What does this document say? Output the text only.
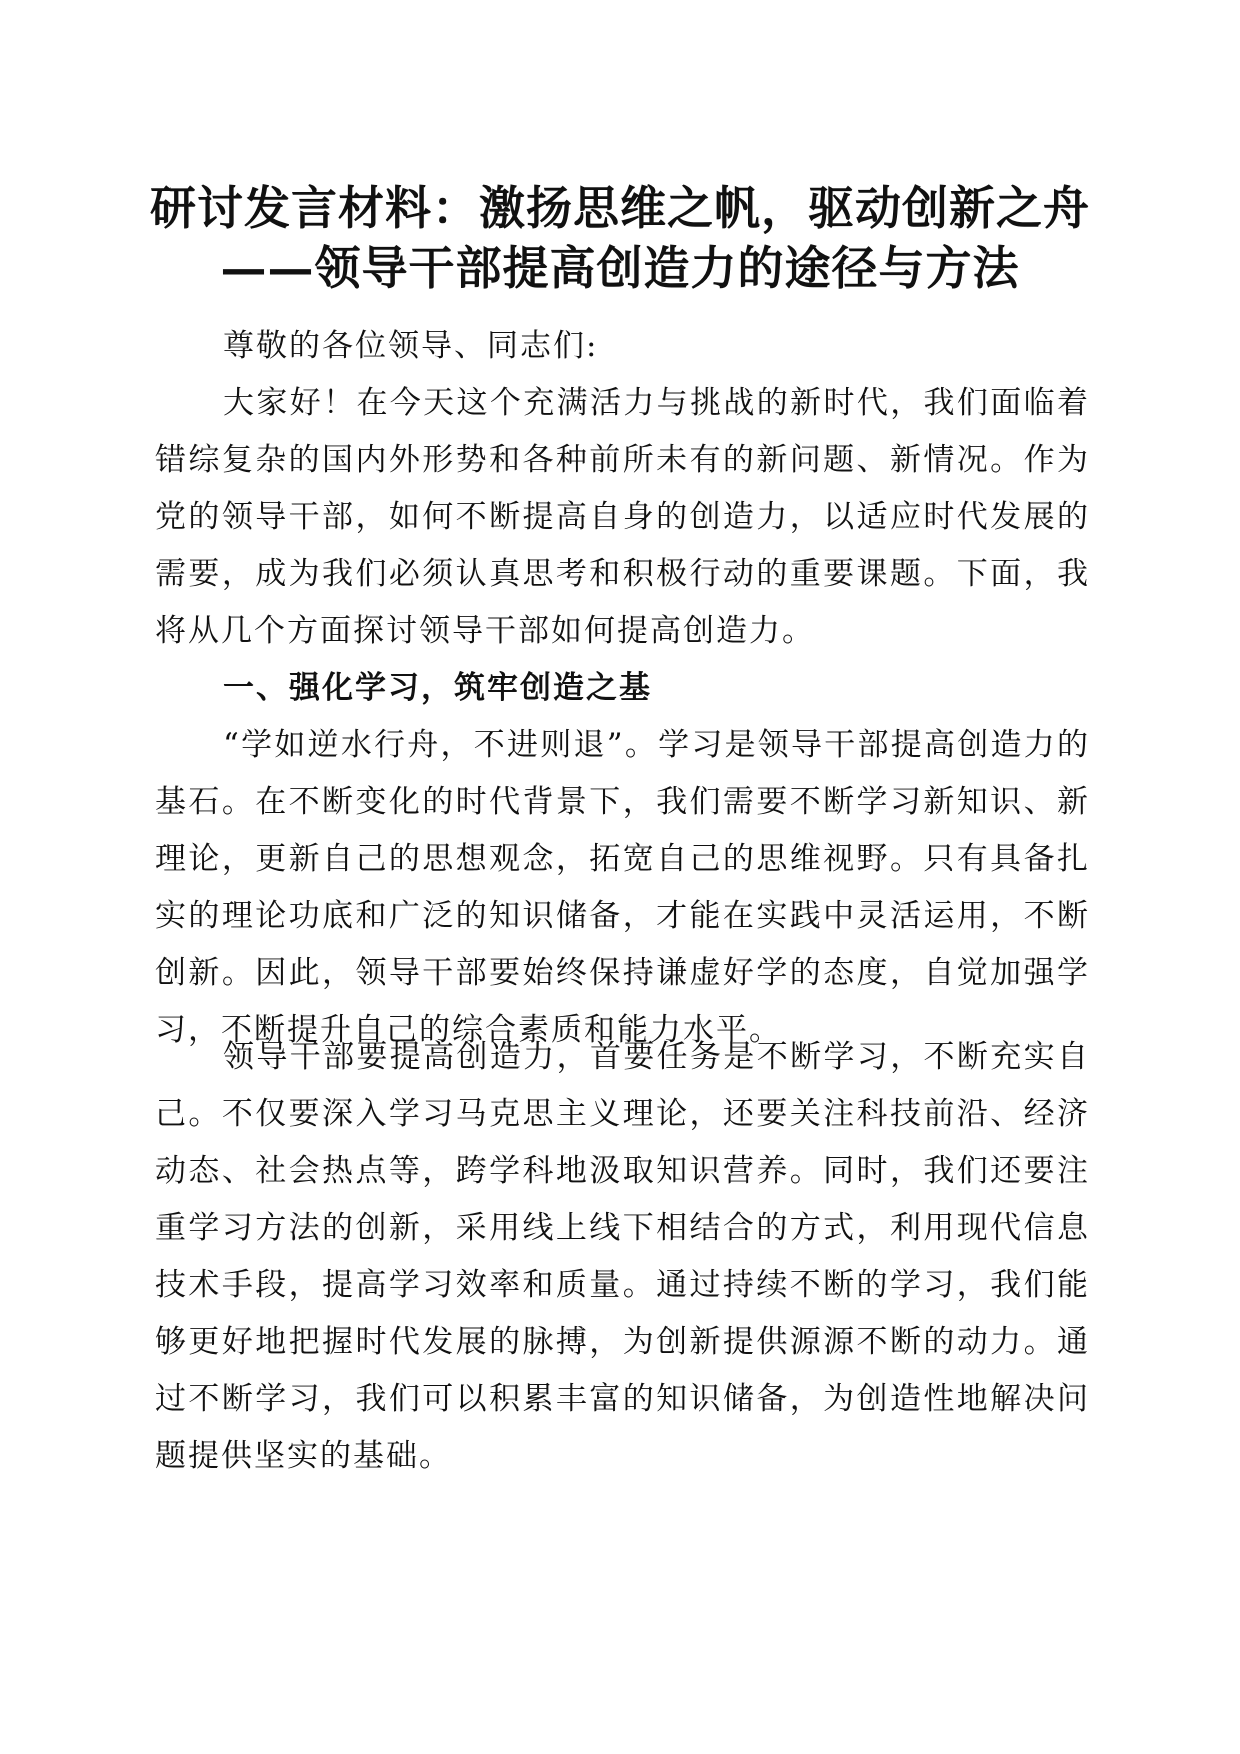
研讨发言材料：激扬思维之帆，驱动创新之舟
——领导干部提高创造力的途径与方法

尊敬的各位领导、同志们:

大家好！在今天这个充满活力与挑战的新时代，我们面临着错综复杂的国内外形势和各种前所未有的新问题、新情况。作为党的领导干部，如何不断提高自身的创造力，以适应时代发展的需要，成为我们必须认真思考和积极行动的重要课题。下面，我将从几个方面探讨领导干部如何提高创造力。

一、强化学习，筑牢创造之基

“学如逆水行舟，不进则退”。学习是领导干部提高创造力的基石。在不断变化的时代背景下，我们需要不断学习新知识、新理论，更新自己的思想观念，拓宽自己的思维视野。只有具备扎实的理论功底和广泛的知识储备，才能在实践中灵活运用，不断创新。因此，领导干部要始终保持谦虚好学的态度，自觉加强学习，不断提升自己的综合素质和能力水平。

领导干部要提高创造力，首要任务是不断学习，不断充实自己。不仅要深入学习马克思主义理论，还要关注科技前沿、经济动态、社会热点等，跨学科地汲取知识营养。同时，我们还要注重学习方法的创新，采用线上线下相结合的方式，利用现代信息技术手段，提高学习效率和质量。通过持续不断的学习，我们能够更好地把握时代发展的脉搏，为创新提供源源不断的动力。通过不断学习，我们可以积累丰富的知识储备，为创造性地解决问题提供坚实的基础。
